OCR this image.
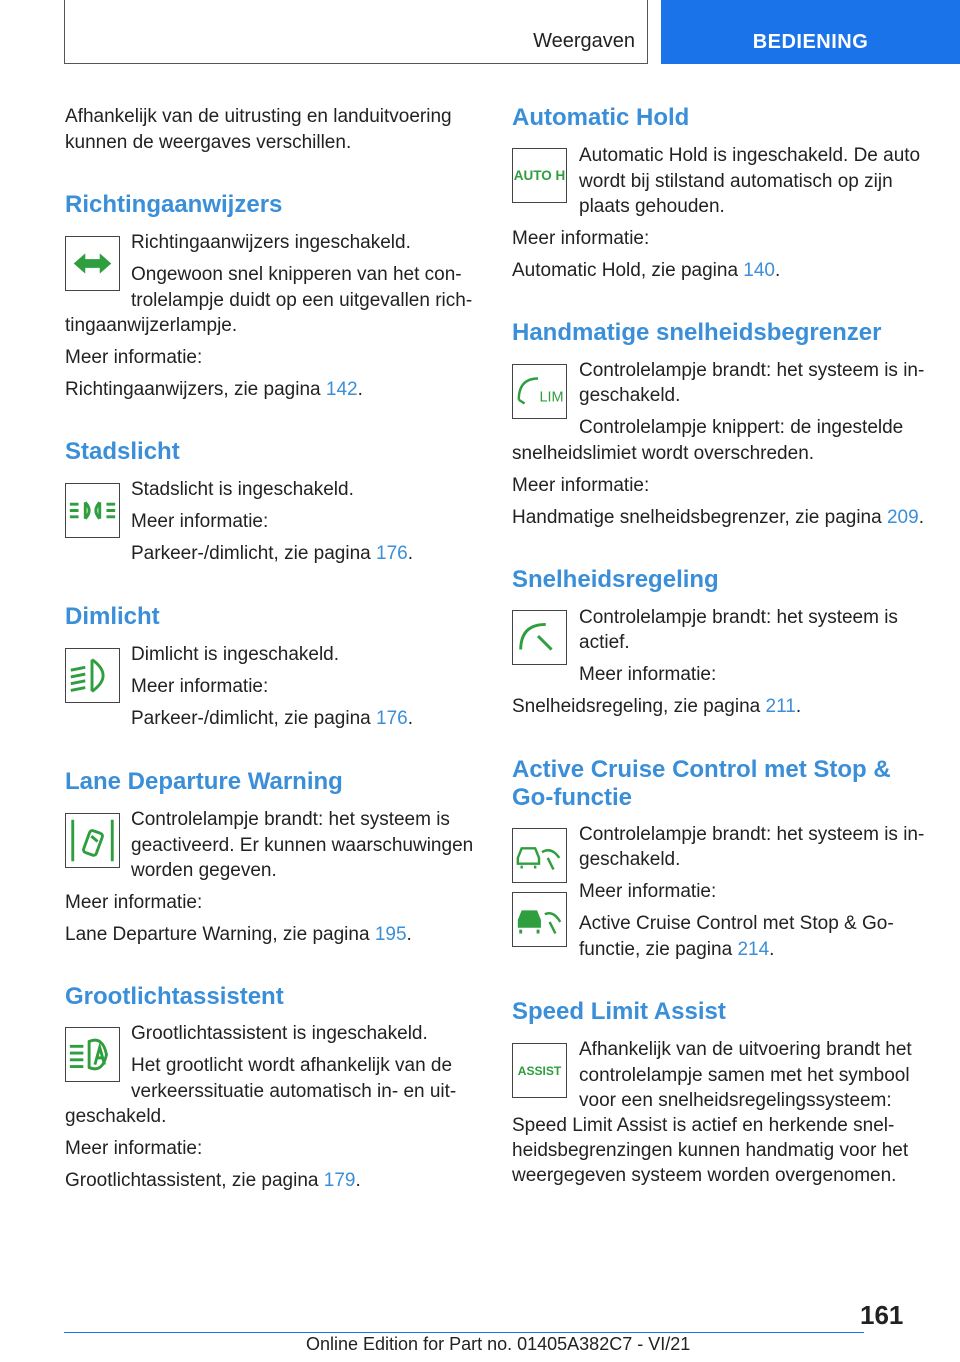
Weergaven	BEDIENING
Afhankelijk van de uitrusting en landuitvoering
kunnen de weergaves verschillen.
Richtingaanwijzers
Richtingaanwijzers ingeschakeld.
Ongewoon snel knipperen van het con-
trolelampje duidt op een uitgevallen rich-
tingaanwijzerlampje.
Meer informatie:
Richtingaanwijzers, zie pagina 142.
Stadslicht
Stadslicht is ingeschakeld.
Meer informatie:
Parkeer-/dimlicht, zie pagina 176.
Dimlicht
Dimlicht is ingeschakeld.
Meer informatie:
Parkeer-/dimlicht, zie pagina 176.
Lane Departure Warning
Controlelampje brandt: het systeem is
geactiveerd. Er kunnen waarschuwingen
worden gegeven.
Meer informatie:
Lane Departure Warning, zie pagina 195.
Grootlichtassistent
Grootlichtassistent is ingeschakeld.
Het grootlicht wordt afhankelijk van de
verkeerssituatie automatisch in- en uit-
geschakeld.
Meer informatie:
Grootlichtassistent, zie pagina 179.
Automatic Hold
AUTO H
Automatic Hold is ingeschakeld. De auto
wordt bij stilstand automatisch op zijn
plaats gehouden.
Meer informatie:
Automatic Hold, zie pagina 140.
Handmatige snelheidsbegrenzer
LIM
Controlelampje brandt: het systeem is in-
geschakeld.
Controlelampje knippert: de ingestelde
snelheidslimiet wordt overschreden.
Meer informatie:
Handmatige snelheidsbegrenzer, zie pagina 209.
Snelheidsregeling
Controlelampje brandt: het systeem is
actief.
Meer informatie:
Snelheidsregeling, zie pagina 211.
Active Cruise Control met Stop &
Go-functie
Controlelampje brandt: het systeem is in-
geschakeld.
Meer informatie:
Active Cruise Control met Stop & Go-
functie, zie pagina 214.
Speed Limit Assist
ASSIST
Afhankelijk van de uitvoering brandt het
controlelampje samen met het symbool
voor een snelheidsregelingssysteem:
Speed Limit Assist is actief en herkende snel-
heidsbegrenzingen kunnen handmatig voor het
weergegeven systeem worden overgenomen.
161
Online Edition for Part no. 01405A382C7 - VI/21
